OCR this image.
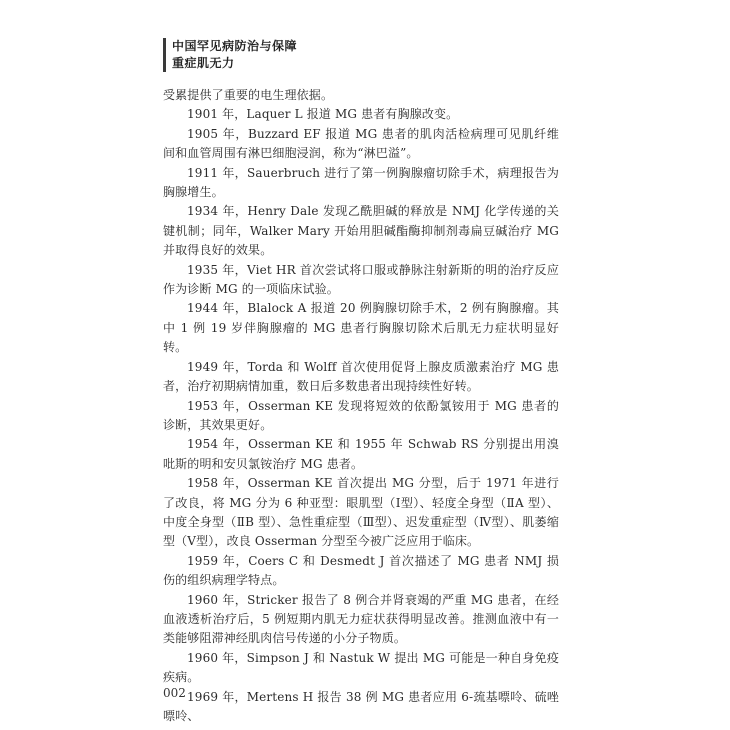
中国罕见病防治与保障
重症肌无力

受累提供了重要的电生理依据。

1901 年，Laquer L 报道 MG 患者有胸腺改变。

1905 年，Buzzard EF 报道 MG 患者的肌肉活检病理可见肌纤维间和血管周围有淋巴细胞浸润，称为“淋巴溢”。

1911 年，Sauerbruch 进行了第一例胸腺瘤切除手术，病理报告为胸腺增生。

1934 年，Henry Dale 发现乙酰胆碱的释放是 NMJ 化学传递的关键机制；同年，Walker Mary 开始用胆碱酯酶抑制剂毒扁豆碱治疗 MG 并取得良好的效果。

1935 年，Viet HR 首次尝试将口服或静脉注射新斯的明的治疗反应作为诊断 MG 的一项临床试验。

1944 年，Blalock A 报道 20 例胸腺切除手术，2 例有胸腺瘤。其中 1 例 19 岁伴胸腺瘤的 MG 患者行胸腺切除术后肌无力症状明显好转。

1949 年，Torda 和 Wolff 首次使用促肾上腺皮质激素治疗 MG 患者，治疗初期病情加重，数日后多数患者出现持续性好转。

1953 年，Osserman KE 发现将短效的依酚氯铵用于 MG 患者的诊断，其效果更好。

1954 年，Osserman KE 和 1955 年 Schwab RS 分别提出用溴吡斯的明和安贝氯铵治疗 MG 患者。

1958 年，Osserman KE 首次提出 MG 分型，后于 1971 年进行了改良，将 MG 分为 6 种亚型：眼肌型（Ⅰ型）、轻度全身型（ⅡA 型）、中度全身型（ⅡB 型）、急性重症型（Ⅲ型）、迟发重症型（Ⅳ型）、肌萎缩型（Ⅴ型），改良 Osserman 分型至今被广泛应用于临床。

1959 年，Coers C 和 Desmedt J 首次描述了 MG 患者 NMJ 损伤的组织病理学特点。

1960 年，Stricker 报告了 8 例合并肾衰竭的严重 MG 患者，在经血液透析治疗后，5 例短期内肌无力症状获得明显改善。推测血液中有一类能够阻滞神经肌肉信号传递的小分子物质。

1960 年，Simpson J 和 Nastuk W 提出 MG 可能是一种自身免疫疾病。

1969 年，Mertens H 报告 38 例 MG 患者应用 6-巯基嘌呤、硫唑嘌呤、

002
